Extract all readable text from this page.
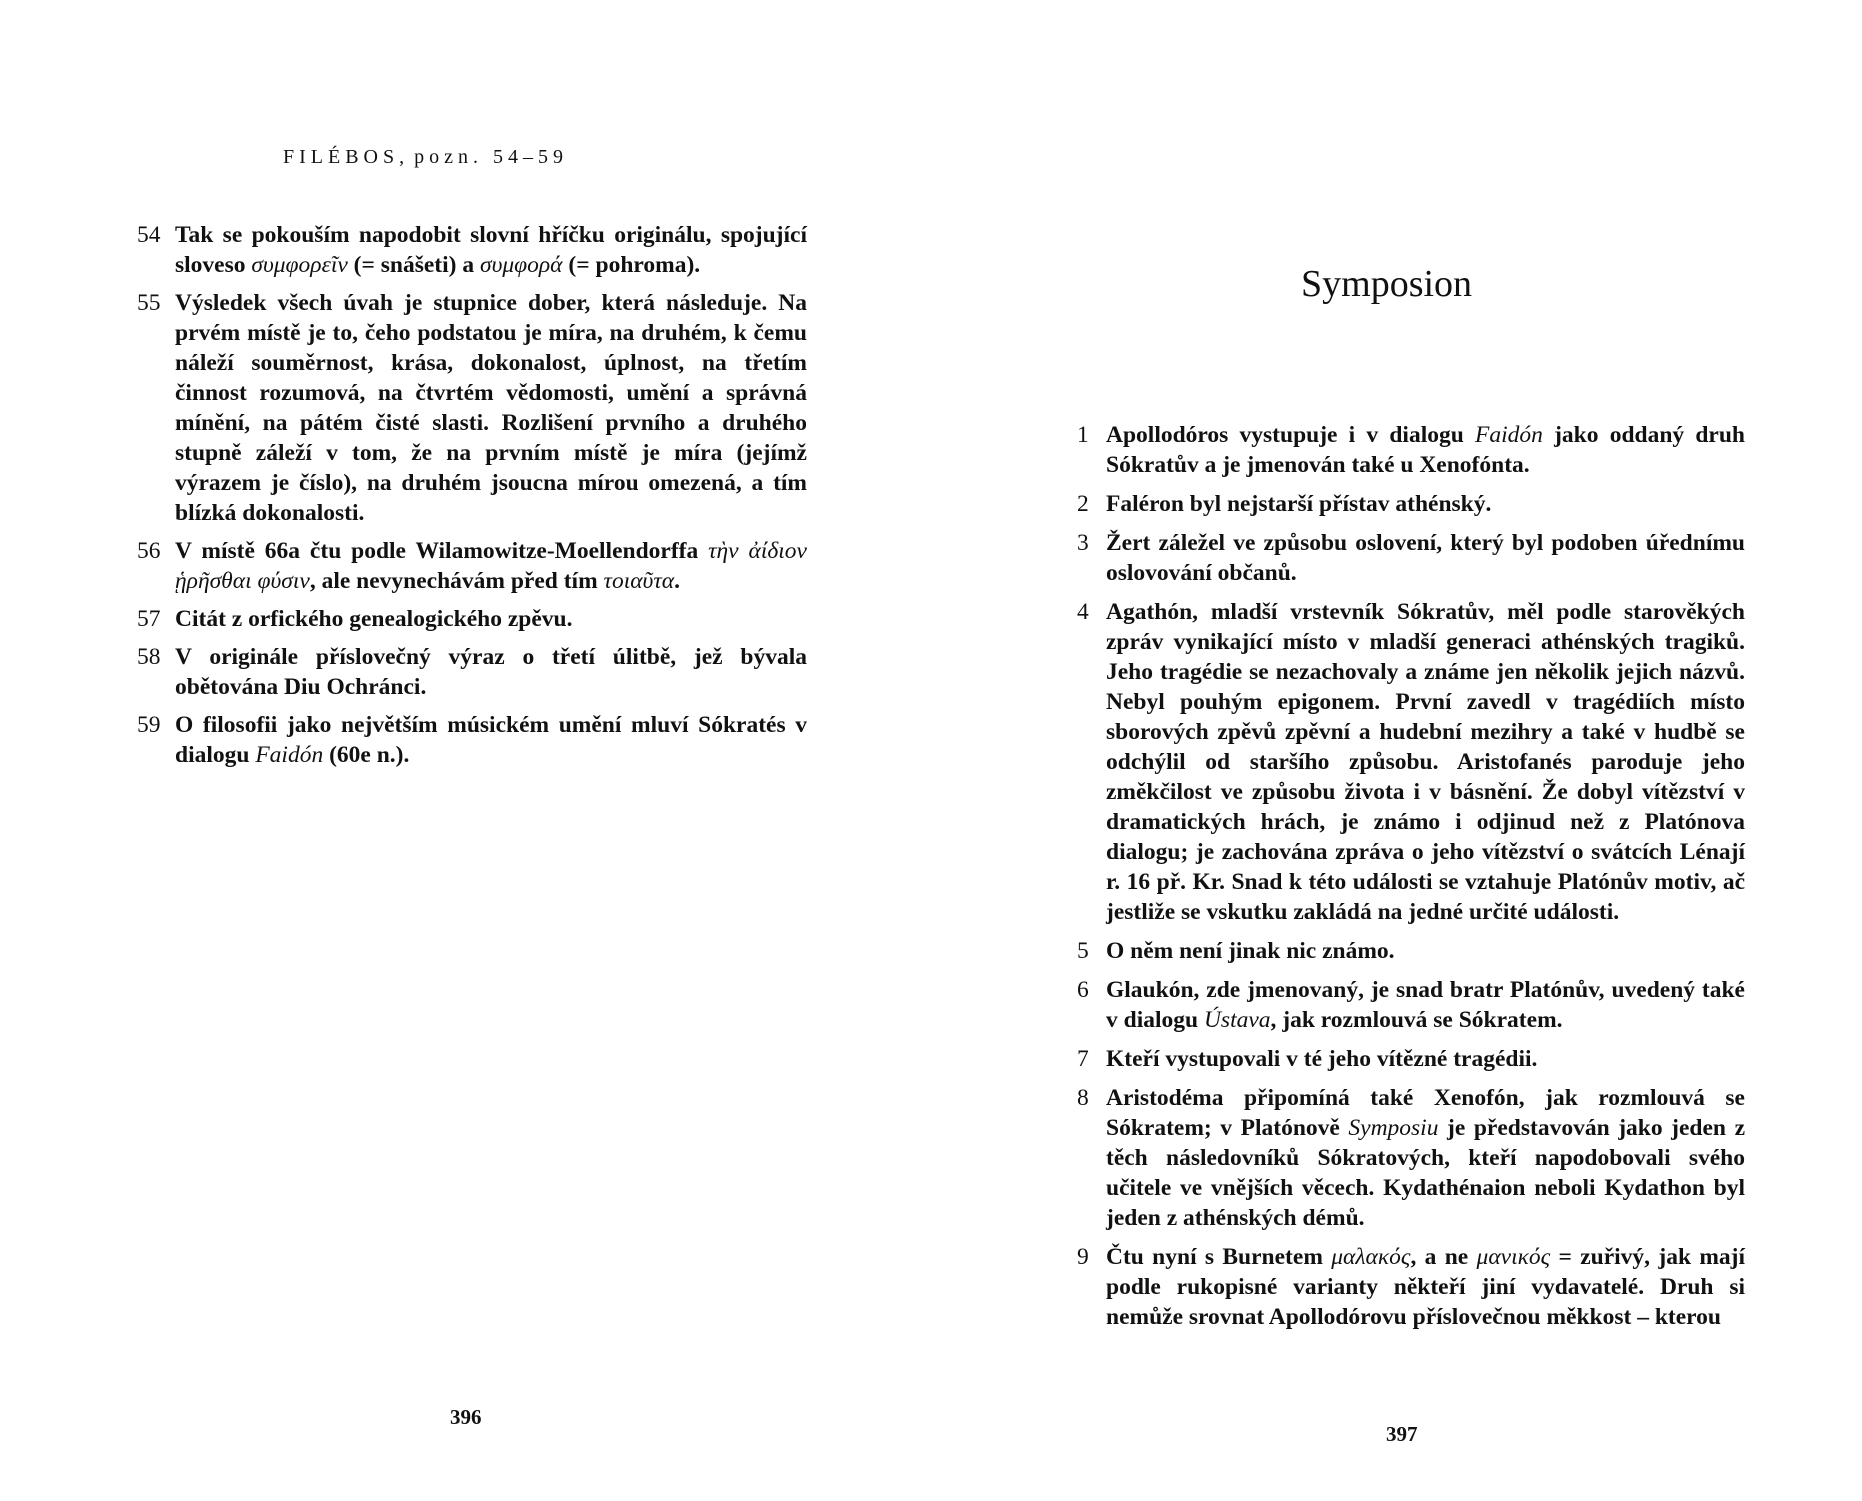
FILÉBOS, pozn. 54–59
54 Tak se pokouším napodobit slovní hříčku originálu, spojující sloveso συμφορεῖν (= snášeti) a συμφορά (= pohroma).
55 Výsledek všech úvah je stupnice dober, která následuje. Na prvém místě je to, čeho podstatou je míra, na druhém, k čemu náleží souměrnost, krása, dokonalost, úplnost, na třetím činnost rozumová, na čtvrtém vědomosti, umění a správná mínění, na pátém čisté slasti. Rozlišení prvního a druhého stupně záleží v tom, že na prvním místě je míra (jejímž výrazem je číslo), na druhém jsoucna mírou omezená, a tím blízká dokonalosti.
56 V místě 66a čtu podle Wilamowitze-Moellendorffa τὴν ἀίδιον ᾑρῆσθαι φύσιν, ale nevynechávám před tím τοιαῦτα.
57 Citát z orfického genealogického zpěvu.
58 V originále příslovečný výraz o třetí úlitbě, jež bývala obětována Diu Ochránci.
59 O filosofii jako největším músickém umění mluví Sókratés v dialogu Faidón (60e n.).
396
Symposion
1 Apollodóros vystupuje i v dialogu Faidón jako oddaný druh Sókratův a je jmenován také u Xenofónta.
2 Faléron byl nejstarší přístav athénský.
3 Žert záležel ve způsobu oslovení, který byl podoben úřednímu oslovování občanů.
4 Agathón, mladší vrstevník Sókratův, měl podle starověkých zpráv vynikající místo v mladší generaci athénských tragiků. Jeho tragédie se nezachovaly a známe jen několik jejich názvů. Nebyl pouhým epigonem. První zavedl v tragédiích místo sborových zpěvů zpěvní a hudební mezihry a také v hudbě se odchýlil od staršího způsobu. Aristofanés paroduje jeho změkčilost ve způsobu života i v básnění. Že dobyl vítězství v dramatických hrách, je známo i odjinud než z Platónova dialogu; je zachována zpráva o jeho vítězství o svátcích Lénají r. 16 př. Kr. Snad k této události se vztahuje Platónův motiv, ač jestliže se vskutku zakládá na jedné určité události.
5 O něm není jinak nic známo.
6 Glaukón, zde jmenovaný, je snad bratr Platónův, uvedený také v dialogu Ústava, jak rozmlouvá se Sókratem.
7 Kteří vystupovali v té jeho vítězné tragédii.
8 Aristodéma připomíná také Xenofón, jak rozmlouvá se Sókratem; v Platónově Symposiu je představován jako jeden z těch následovníků Sókratových, kteří napodobovali svého učitele ve vnějších věcech. Kydathénaion neboli Kydathon byl jeden z athénských démů.
9 Čtu nyní s Burnetem μαλακός, a ne μανικός = zuřivý, jak mají podle rukopisné varianty někteří jiní vydavatelé. Druh si nemůže srovnat Apollodórovu příslovečnou měkkost – kterou
397
